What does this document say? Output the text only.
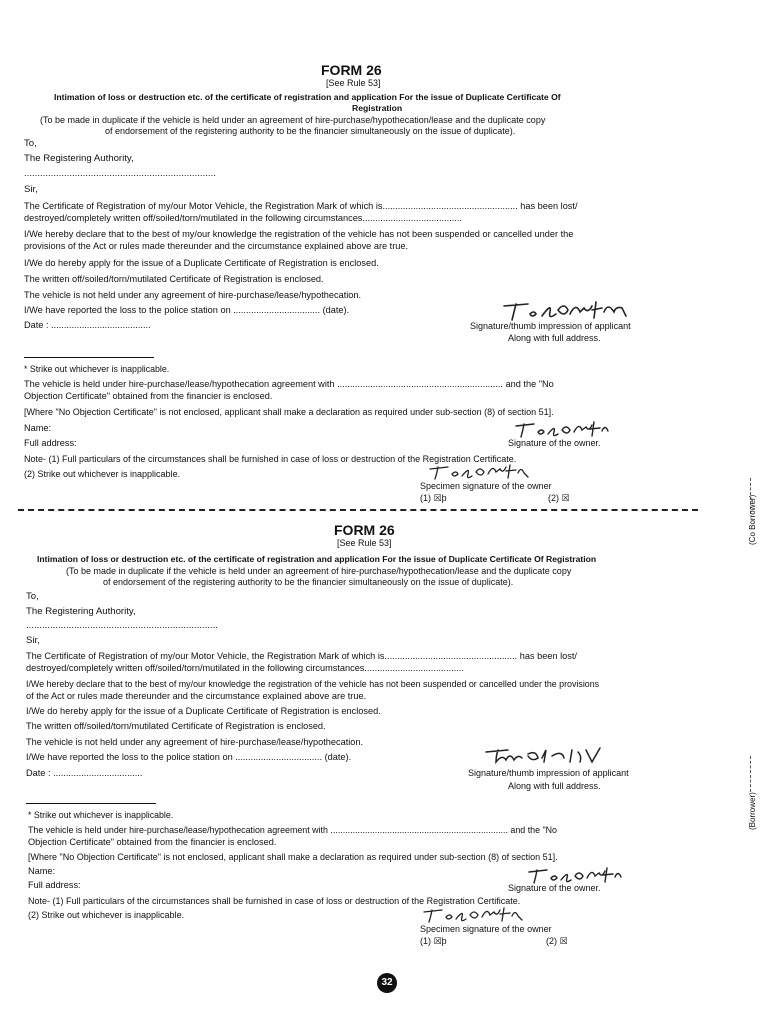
FORM 26
[See Rule 53]
Intimation of loss or destruction etc. of the certificate of registration and application For the issue of Duplicate Certificate Of
Registration
(To be made in duplicate if the vehicle is held under an agreement of hire-purchase/hypothecation/lease and the duplicate copy
of endorsement of the registering authority to be the financier simultaneously on the issue of duplicate).
To,
The Registering Authority,
........................................................................
Sir,
The Certificate of Registration of my/our Motor Vehicle, the Registration Mark of which is..................................................... has been lost/
destroyed/completely written off/soiled/torn/mutilated in the following circumstances.......................................
I/We hereby declare that to the best of my/our knowledge the registration of the vehicle has not been suspended or cancelled under the
provisions of the Act or rules made thereunder and the circumstance explained above are true.
I/We do hereby apply for the issue of a Duplicate Certificate of Registration is enclosed.
The written off/soiled/torn/mutilated Certificate of Registration is enclosed.
The vehicle is not held under any agreement of hire-purchase/lease/hypothecation.
I/We have reported the loss to the police station on .................................. (date).
Date : .......................................	Signature/thumb impression of applicant
Along with full address.
* Strike out whichever is inapplicable.
The vehicle is held under hire-purchase/lease/hypothecation agreement with ................................................................. and the "No
Objection Certificate" obtained from the financier is enclosed.
[Where "No Objection Certificate" is not enclosed, applicant shall make a declaration as required under sub-section (8) of section 51].
Name:
Full address:	Signature of the owner.
Note- (1) Full particulars of the circumstances shall be furnished in case of loss or destruction of the Registration Certificate.
(2) Strike out whichever is inapplicable.
Specimen signature of the owner
(1) ☒þ	(2) ☒	(Co Borrower)
FORM 26
[See Rule 53]
Intimation of loss or destruction etc. of the certificate of registration and application For the issue of Duplicate Certificate Of Registration
(To be made in duplicate if the vehicle is held under an agreement of hire-purchase/hypothecation/lease and the duplicate copy
of endorsement of the registering authority to be the financier simultaneously on the issue of duplicate).
To,
The Registering Authority,
........................................................................
Sir,
The Certificate of Registration of my/our Motor Vehicle, the Registration Mark of which is.................................................... has been lost/
destroyed/completely written off/soiled/torn/mutilated in the following circumstances.......................................
I/We hereby declare that to the best of my/our knowledge the registration of the vehicle has not been suspended or cancelled under the provisions
of the Act or rules made thereunder and the circumstance explained above are true.
I/We do hereby apply for the issue of a Duplicate Certificate of Registration is enclosed.
The written off/soiled/torn/mutilated Certificate of Registration is enclosed.
The vehicle is not held under any agreement of hire-purchase/lease/hypothecation.
I/We have reported the loss to the police station on .................................. (date).
Date : ...................................	Signature/thumb impression of applicant
Along with full address.
* Strike out whichever is inapplicable.
The vehicle is held under hire-purchase/lease/hypothecation agreement with ........................................................................ and the "No
Objection Certificate" obtained from the financier is enclosed.
[Where "No Objection Certificate" is not enclosed, applicant shall make a declaration as required under sub-section (8) of section 51].
Name:
Full address:	Signature of the owner.
Note- (1) Full particulars of the circumstances shall be furnished in case of loss or destruction of the Registration Certificate.
(2) Strike out whichever is inapplicable.
Specimen signature of the owner
(1) ☒þ	(2) ☒
(Borrower)
32
